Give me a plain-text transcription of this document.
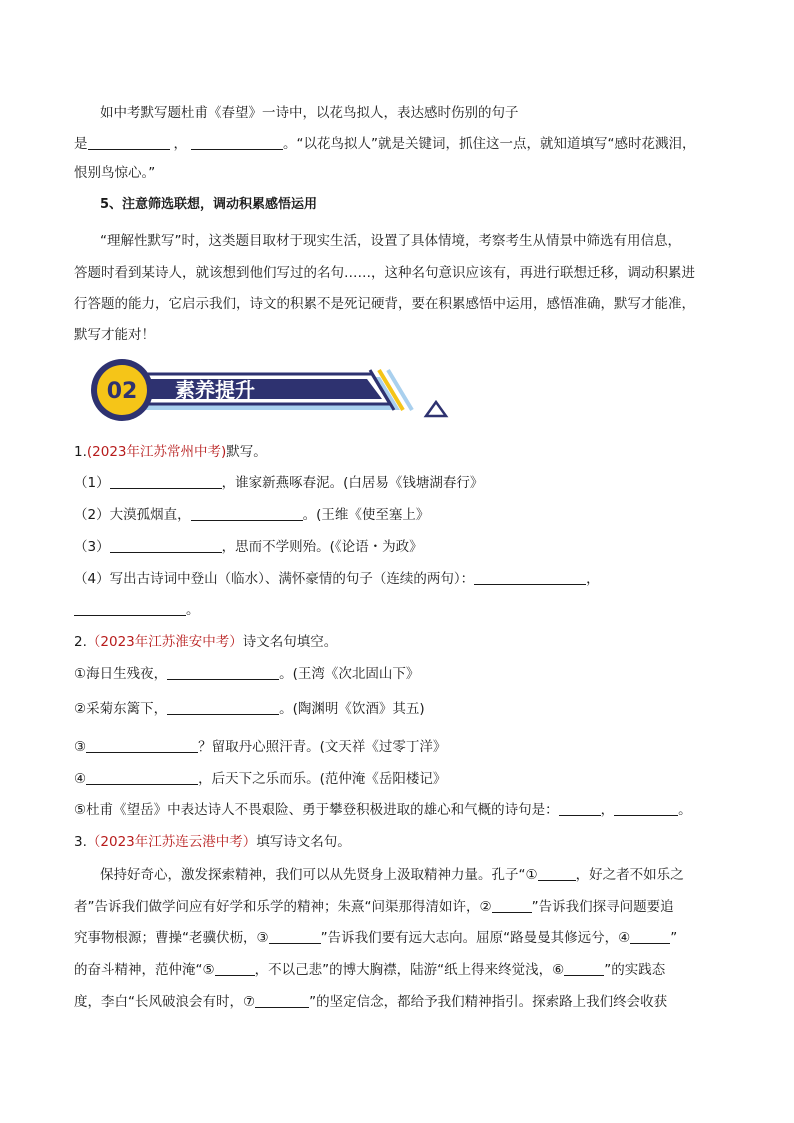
如中考默写题杜甫《春望》一诗中，以花鸟拟人，表达感时伤别的句子
是	，	。“以花鸟拟人”就是关键词，抓住这一点，就知道填写“感时花溅泪，
恨别鸟惊心。”
5、注意筛选联想，调动积累感悟运用
“理解性默写”时，这类题目取材于现实生活，设置了具体情境，考察考生从情景中筛选有用信息，
答题时看到某诗人，就该想到他们写过的名句……，这种名句意识应该有，再进行联想迁移，调动积累进
行答题的能力，它启示我们，诗文的积累不是死记硬背，要在积累感悟中运用，感悟准确，默写才能准，
默写才能对！
02 素养提升
1.(2023年江苏常州中考)默写。
（1）	，谁家新燕啄春泥。(白居易《钱塘湖春行》
（2）大漠孤烟直，	。(王维《使至塞上》
（3）	，思而不学则殆。(《论语・为政》
（4）写出古诗词中登山（临水）、满怀豪情的句子（连续的两句）：	，
。
2.（2023年江苏淮安中考）诗文名句填空。
①海日生残夜，	。(王湾《次北固山下》
②采菊东篱下，	。(陶渊明《饮酒》其五)
③	？留取丹心照汗青。(文天祥《过零丁洋》
④	，后天下之乐而乐。(范仲淹《岳阳楼记》
⑤杜甫《望岳》中表达诗人不畏艰险、勇于攀登积极进取的雄心和气概的诗句是：	，	。
3.（2023年江苏连云港中考）填写诗文名句。
保持好奇心，激发探索精神，我们可以从先贤身上汲取精神力量。孔子“①	，好之者不如乐之
者”告诉我们做学问应有好学和乐学的精神；朱熹“问渠那得清如许，②	”告诉我们探寻问题要追
究事物根源；曹操“老骥伏枥，③	”告诉我们要有远大志向。屈原“路曼曼其修远兮，④	”
的奋斗精神，范仲淹“⑤	，不以己悲”的博大胸襟，陆游“纸上得来终觉浅，⑥	”的实践态
度，李白“长风破浪会有时，⑦	”的坚定信念，都给予我们精神指引。探索路上我们终会收获
